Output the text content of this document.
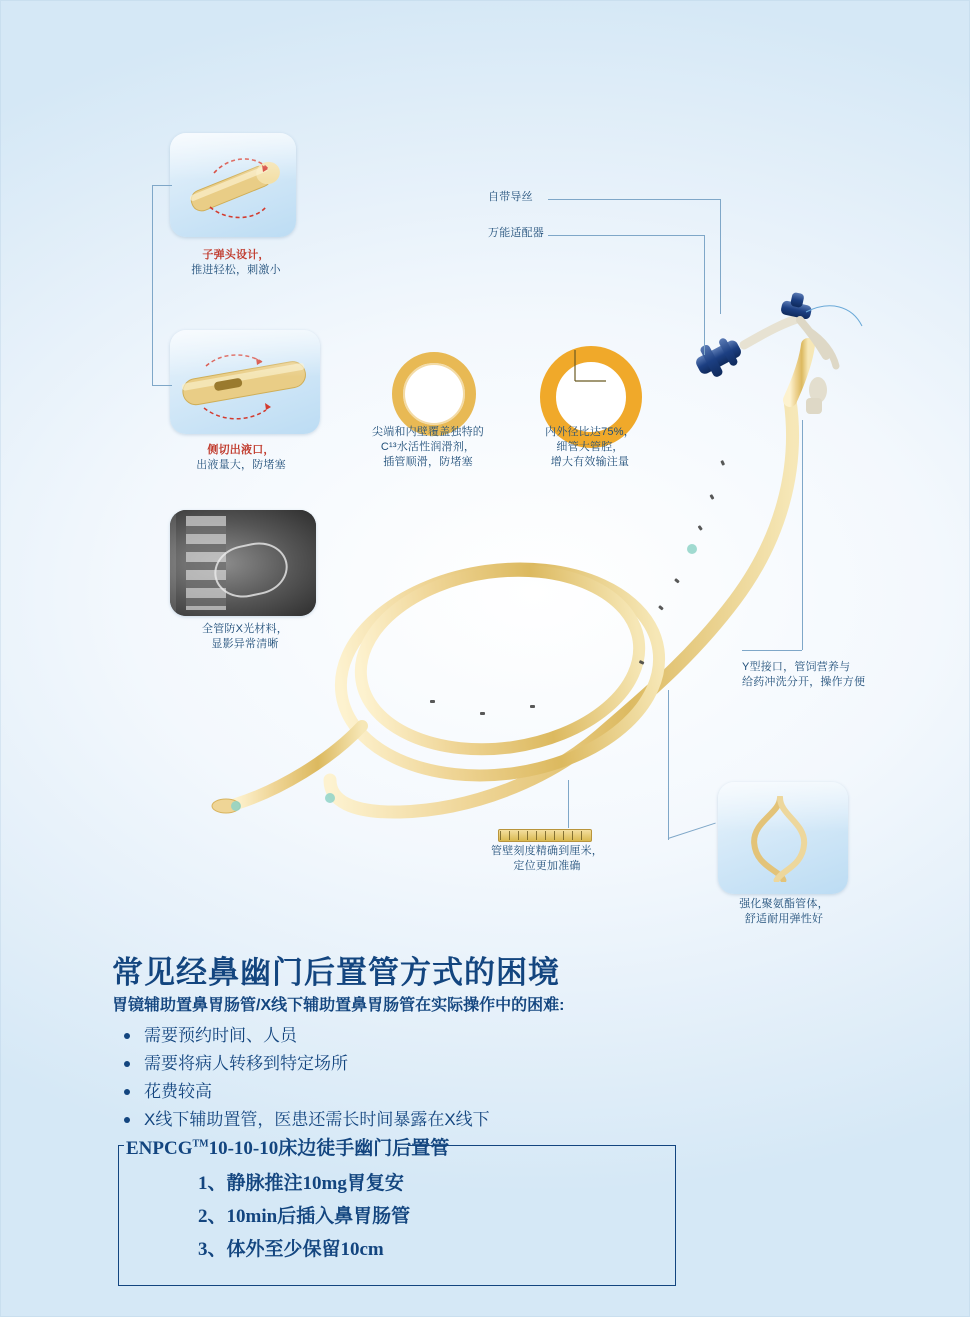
子弹头设计，
推进轻松，刺激小
侧切出液口，
出液量大，防堵塞
全管防X光材料，
显影异常清晰
强化聚氨酯管体，
舒适耐用弹性好
尖端和内壁覆盖独特的
C¹³水活性润滑剂，
插管顺滑，防堵塞
内外径比达75%，
细管大管腔，
增大有效输注量
自带导丝
万能适配器
Y型接口，管饲营养与
给药冲洗分开，操作方便
管壁刻度精确到厘米，
定位更加准确
常见经鼻幽门后置管方式的困境
胃镜辅助置鼻胃肠管/X线下辅助置鼻胃肠管在实际操作中的困难:
需要预约时间、人员
需要将病人转移到特定场所
花费较高
X线下辅助置管，医患还需长时间暴露在X线下
ENPCG™10-10-10床边徒手幽门后置管
1、静脉推注10mg胃复安
2、10min后插入鼻胃肠管
3、体外至少保留10cm
